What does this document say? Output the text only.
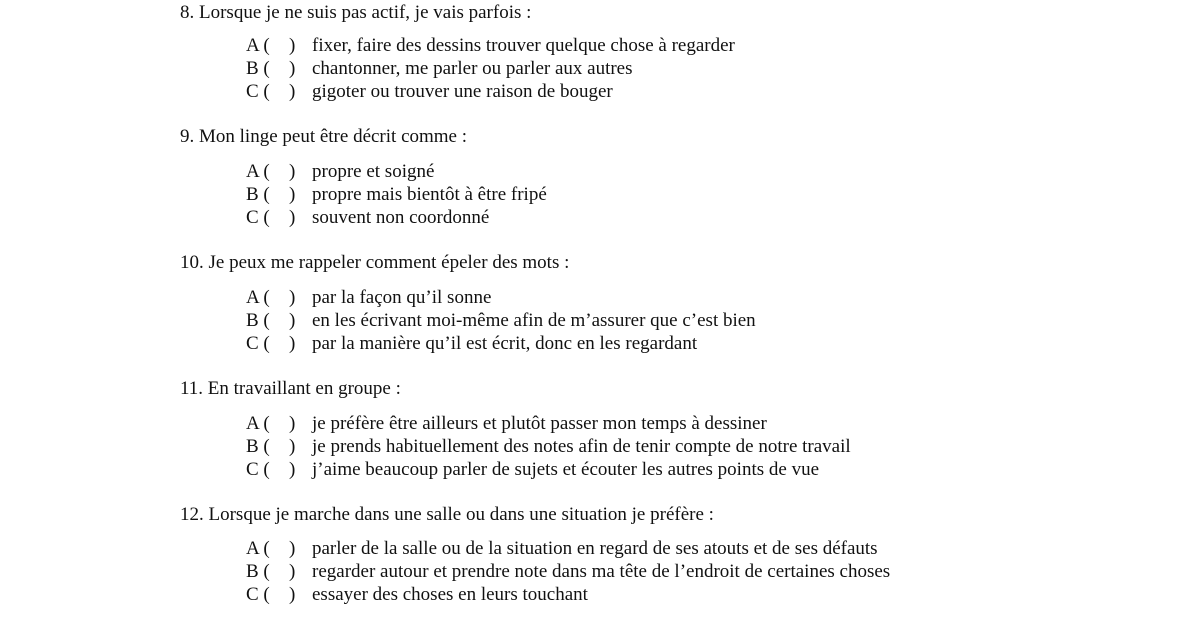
8. Lorsque je ne suis pas actif, je vais parfois :
A ( ) fixer, faire des dessins trouver quelque chose à regarder
B ( ) chantonner, me parler ou parler aux autres
C ( ) gigoter ou trouver une raison de bouger
9. Mon linge peut être décrit comme :
A ( ) propre et soigné
B ( ) propre mais bientôt à être fripé
C ( ) souvent non coordonné
10. Je peux me rappeler comment épeler des mots :
A ( ) par la façon qu’il sonne
B ( ) en les écrivant moi-même afin de m’assurer que c’est bien
C ( ) par la manière qu’il est écrit, donc en les regardant
11. En travaillant en groupe :
A ( ) je préfère être ailleurs et plutôt passer mon temps à dessiner
B ( ) je prends habituellement des notes afin de tenir compte de notre travail
C ( ) j’aime beaucoup parler de sujets et écouter les autres points de vue
12. Lorsque je marche dans une salle ou dans une situation je préfère :
A ( ) parler de la salle ou de la situation en regard de ses atouts et de ses défauts
B ( ) regarder autour et prendre note dans ma tête de l’endroit de certaines choses
C ( ) essayer des choses en leurs touchant
